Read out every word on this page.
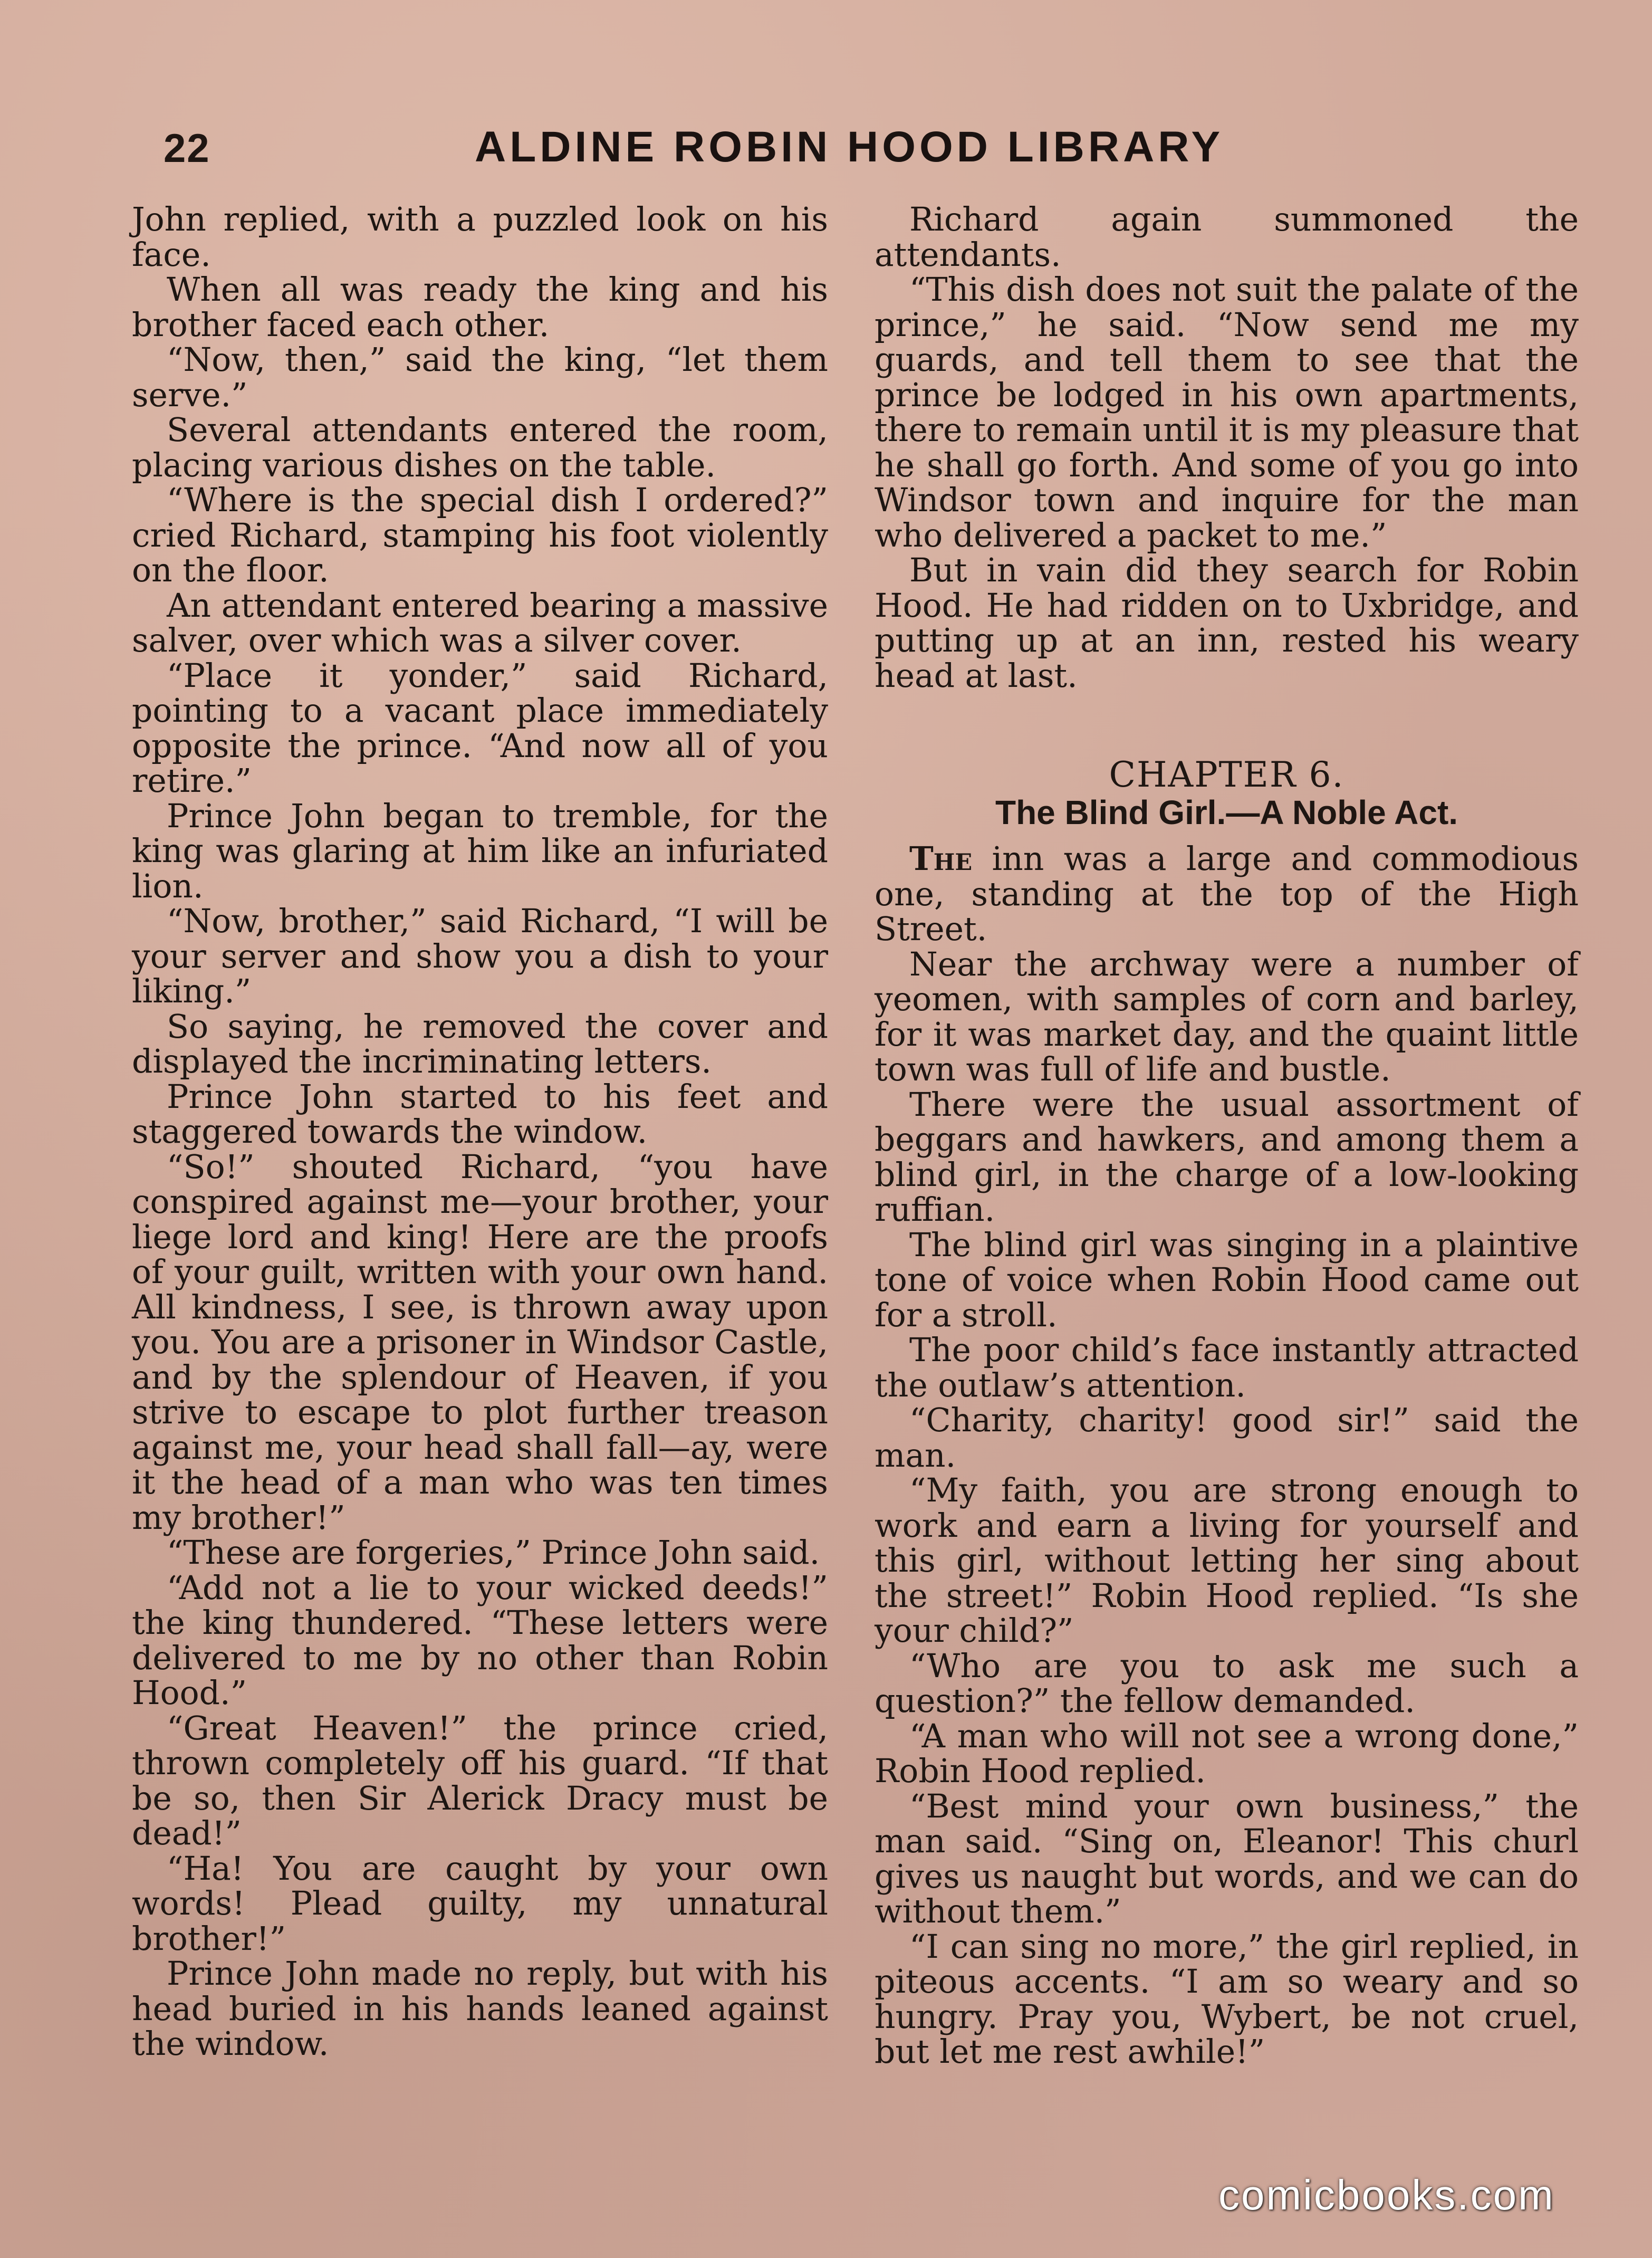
22	ALDINE ROBIN HOOD LIBRARY

John replied, with a puzzled look on his face.

When all was ready the king and his brother faced each other.

“Now, then,” said the king, “let them serve.”

Several attendants entered the room, placing various dishes on the table.

“Where is the special dish I ordered?” cried Richard, stamping his foot violently on the floor.

An attendant entered bearing a massive salver, over which was a silver cover.

“Place it yonder,” said Richard, pointing to a vacant place immediately opposite the prince. “And now all of you retire.”

Prince John began to tremble, for the king was glaring at him like an infuriated lion.

“Now, brother,” said Richard, “I will be your server and show you a dish to your liking.”

So saying, he removed the cover and displayed the incriminating letters.

Prince John started to his feet and staggered towards the window.

“So!” shouted Richard, “you have conspired against me—your brother, your liege lord and king! Here are the proofs of your guilt, written with your own hand. All kindness, I see, is thrown away upon you. You are a prisoner in Windsor Castle, and by the splendour of Heaven, if you strive to escape to plot further treason against me, your head shall fall—ay, were it the head of a man who was ten times my brother!”

“These are forgeries,” Prince John said.

“Add not a lie to your wicked deeds!” the king thundered. “These letters were delivered to me by no other than Robin Hood.”

“Great Heaven!” the prince cried, thrown completely off his guard. “If that be so, then Sir Alerick Dracy must be dead!”

“Ha! You are caught by your own words! Plead guilty, my unnatural brother!”

Prince John made no reply, but with his head buried in his hands leaned against the window.

Richard again summoned the attendants.

“This dish does not suit the palate of the prince,” he said. “Now send me my guards, and tell them to see that the prince be lodged in his own apartments, there to remain until it is my pleasure that he shall go forth. And some of you go into Windsor town and inquire for the man who delivered a packet to me.”

But in vain did they search for Robin Hood. He had ridden on to Uxbridge, and putting up at an inn, rested his weary head at last.

CHAPTER 6.
The Blind Girl.—A Noble Act.

The inn was a large and commodious one, standing at the top of the High Street.

Near the archway were a number of yeomen, with samples of corn and barley, for it was market day, and the quaint little town was full of life and bustle.

There were the usual assortment of beggars and hawkers, and among them a blind girl, in the charge of a low-looking ruffian.

The blind girl was singing in a plaintive tone of voice when Robin Hood came out for a stroll.

The poor child’s face instantly attracted the outlaw’s attention.

“Charity, charity! good sir!” said the man.

“My faith, you are strong enough to work and earn a living for yourself and this girl, without letting her sing about the street!” Robin Hood replied. “Is she your child?”

“Who are you to ask me such a question?” the fellow demanded.

“A man who will not see a wrong done,” Robin Hood replied.

“Best mind your own business,” the man said. “Sing on, Eleanor! This churl gives us naught but words, and we can do without them.”

“I can sing no more,” the girl replied, in piteous accents. “I am so weary and so hungry. Pray you, Wybert, be not cruel, but let me rest awhile!”

comicbooks.com
